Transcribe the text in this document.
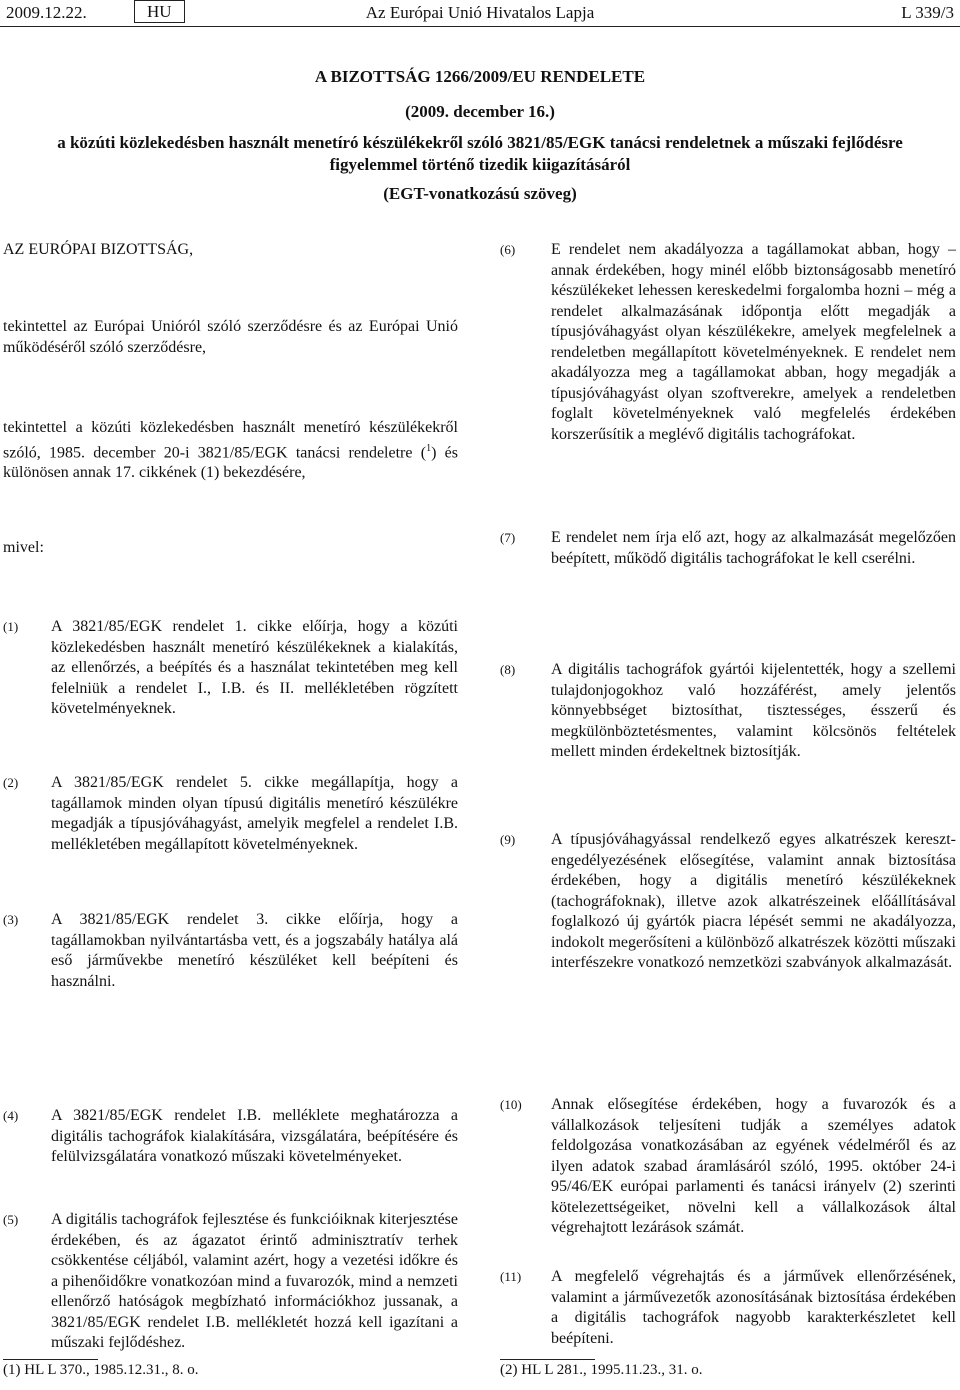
Az Európai Unió Hivatalos Lapja
2009.12.22.	HU	L 339/3
A BIZOTTSÁG 1266/2009/EU RENDELETE
(2009. december 16.)
a közúti közlekedésben használt menetíró készülékekről szóló 3821/85/EGK tanácsi rendeletnek a műszaki fejlődésre figyelemmel történő tizedik kiigazításáról
(EGT-vonatkozású szöveg)
AZ EURÓPAI BIZOTTSÁG,
tekintettel az Európai Unióról szóló szerződésre és az Európai Unió működéséről szóló szerződésre,
tekintettel a közúti közlekedésben használt menetíró készülékekről szóló, 1985. december 20-i 3821/85/EGK tanácsi rendeletre ($^1$) és különösen annak 17. cikkének (1) bekezdésére,
mivel:
(1) A 3821/85/EGK rendelet 1. cikke előírja, hogy a közúti közlekedésben használt menetíró készülékeknek a kialakítás, az ellenőrzés, a beépítés és a használat tekintetében meg kell felelniük a rendelet I., I.B. és II. mellékletében rögzített követelményeknek.
(2) A 3821/85/EGK rendelet 5. cikke megállapítja, hogy a tagállamok minden olyan típusú digitális menetíró készülékre megadják a típusjóváhagyást, amelyik megfelel a rendelet I.B. mellékletében megállapított követelményeknek.
(3) A 3821/85/EGK rendelet 3. cikke előírja, hogy a tagállamokban nyilvántartásba vett, és a jogszabály hatálya alá eső járművekbe menetíró készüléket kell beépíteni és használni.
(4) A 3821/85/EGK rendelet I.B. melléklete meghatározza a digitális tachográfok kialakítására, vizsgálatára, beépítésére és felülvizsgálatára vonatkozó műszaki követelményeket.
(5) A digitális tachográfok fejlesztése és funkcióiknak kiterjesztése érdekében, és az ágazatot érintő adminisztratív terhek csökkentése céljából, valamint azért, hogy a vezetési időkre és a pihenőidőkre vonatkozóan mind a fuvarozók, mind a nemzeti ellenőrző hatóságok megbízható információkhoz jussanak, a 3821/85/EGK rendelet I.B. mellékletét hozzá kell igazítani a műszaki fejlődéshez.
(6) E rendelet nem akadályozza a tagállamokat abban, hogy – annak érdekében, hogy minél előbb biztonságosabb menetíró készülékeket lehessen kereskedelmi forgalomba hozni – még a rendelet alkalmazásának időpontja előtt megadják a típusjóváhagyást olyan készülékekre, amelyek megfelelnek a rendeletben megállapított követelményeknek. E rendelet nem akadályozza meg a tagállamokat abban, hogy megadják a típusjóváhagyást olyan szoftverekre, amelyek a rendeletben foglalt követelményeknek való megfelelés érdekében korszerűsítik a meglévő digitális tachográfokat.
(7) E rendelet nem írja elő azt, hogy az alkalmazását megelőzően beépített, működő digitális tachográfokat le kell cserélni.
(8) A digitális tachográfok gyártói kijelentették, hogy a szellemi tulajdonjogokhoz való hozzáférést, amely jelentős könnyebbséget biztosíthat, tisztességes, ésszerű és megkülönböztetésmentes, valamint kölcsönös feltételek mellett minden érdekeltnek biztosítják.
(9) A típusjóváhagyással rendelkező egyes alkatrészek keresztengedélyezésének elősegítése, valamint annak biztosítása érdekében, hogy a digitális menetíró készülékeknek (tachográfoknak), illetve azok alkatrészeinek előállításával foglalkozó új gyártók piacra lépését semmi ne akadályozza, indokolt megerősíteni a különböző alkatrészek közötti műszaki interfészekre vonatkozó nemzetközi szabványok alkalmazását.
(10) Annak elősegítése érdekében, hogy a fuvarozók és a vállalkozások teljesíteni tudják a személyes adatok feldolgozása vonatkozásában az egyének védelméről és az ilyen adatok szabad áramlásáról szóló, 1995. október 24-i 95/46/EK európai parlamenti és tanácsi irányelv (2) szerinti kötelezettségeiket, növelni kell a vállalkozások által végrehajtott lezárások számát.
(11) A megfelelő végrehajtás és a járművek ellenőrzésének, valamint a járművezetők azonosításának biztosítása érdekében a digitális tachográfok nagyobb karakterkészletet kell beépíteni.
(1) HL L 370., 1985.12.31., 8. o.	(2) HL L 281., 1995.11.23., 31. o.
